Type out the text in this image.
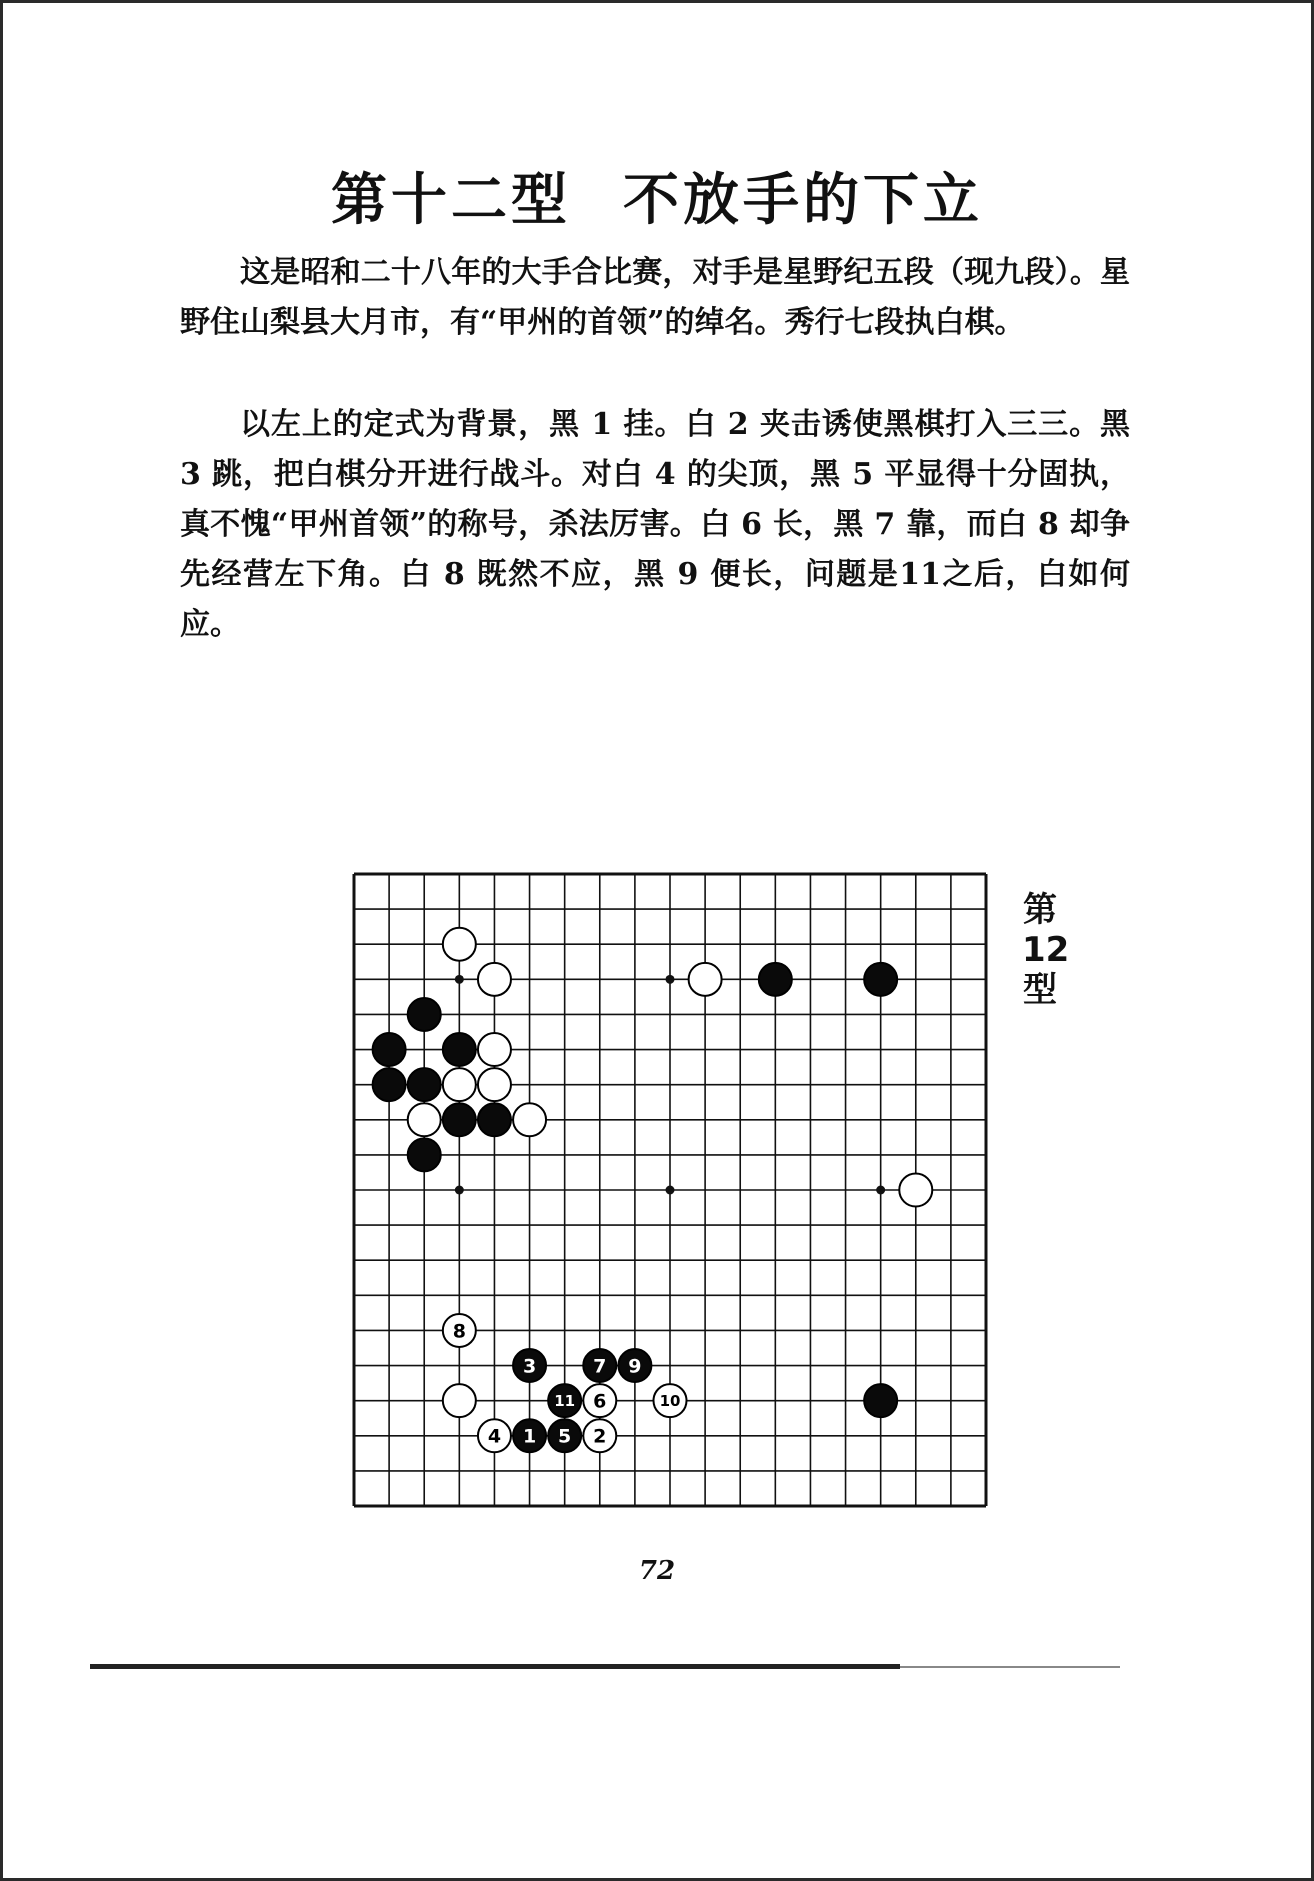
第十二型 不放手的下立

这是昭和二十八年的大手合比赛，对手是星野纪五段（现九段）。星野住山梨县大月市，有“甲州的首领”的绰名。秀行七段执白棋。

以左上的定式为背景，黑 1 挂。白 2 夹击诱使黑棋打入三三。黑 3 跳，把白棋分开进行战斗。对白 4 的尖顶，黑 5 平显得十分固执，真不愧“甲州首领”的称号，杀法厉害。白 6 长，黑 7 靠，而白 8 却争先经营左下角。白 8 既然不应，黑 9 便长，问题是11之后，白如何应。

8
3	7 9
11 6	10
4 1 5 2
第
12
型
72
